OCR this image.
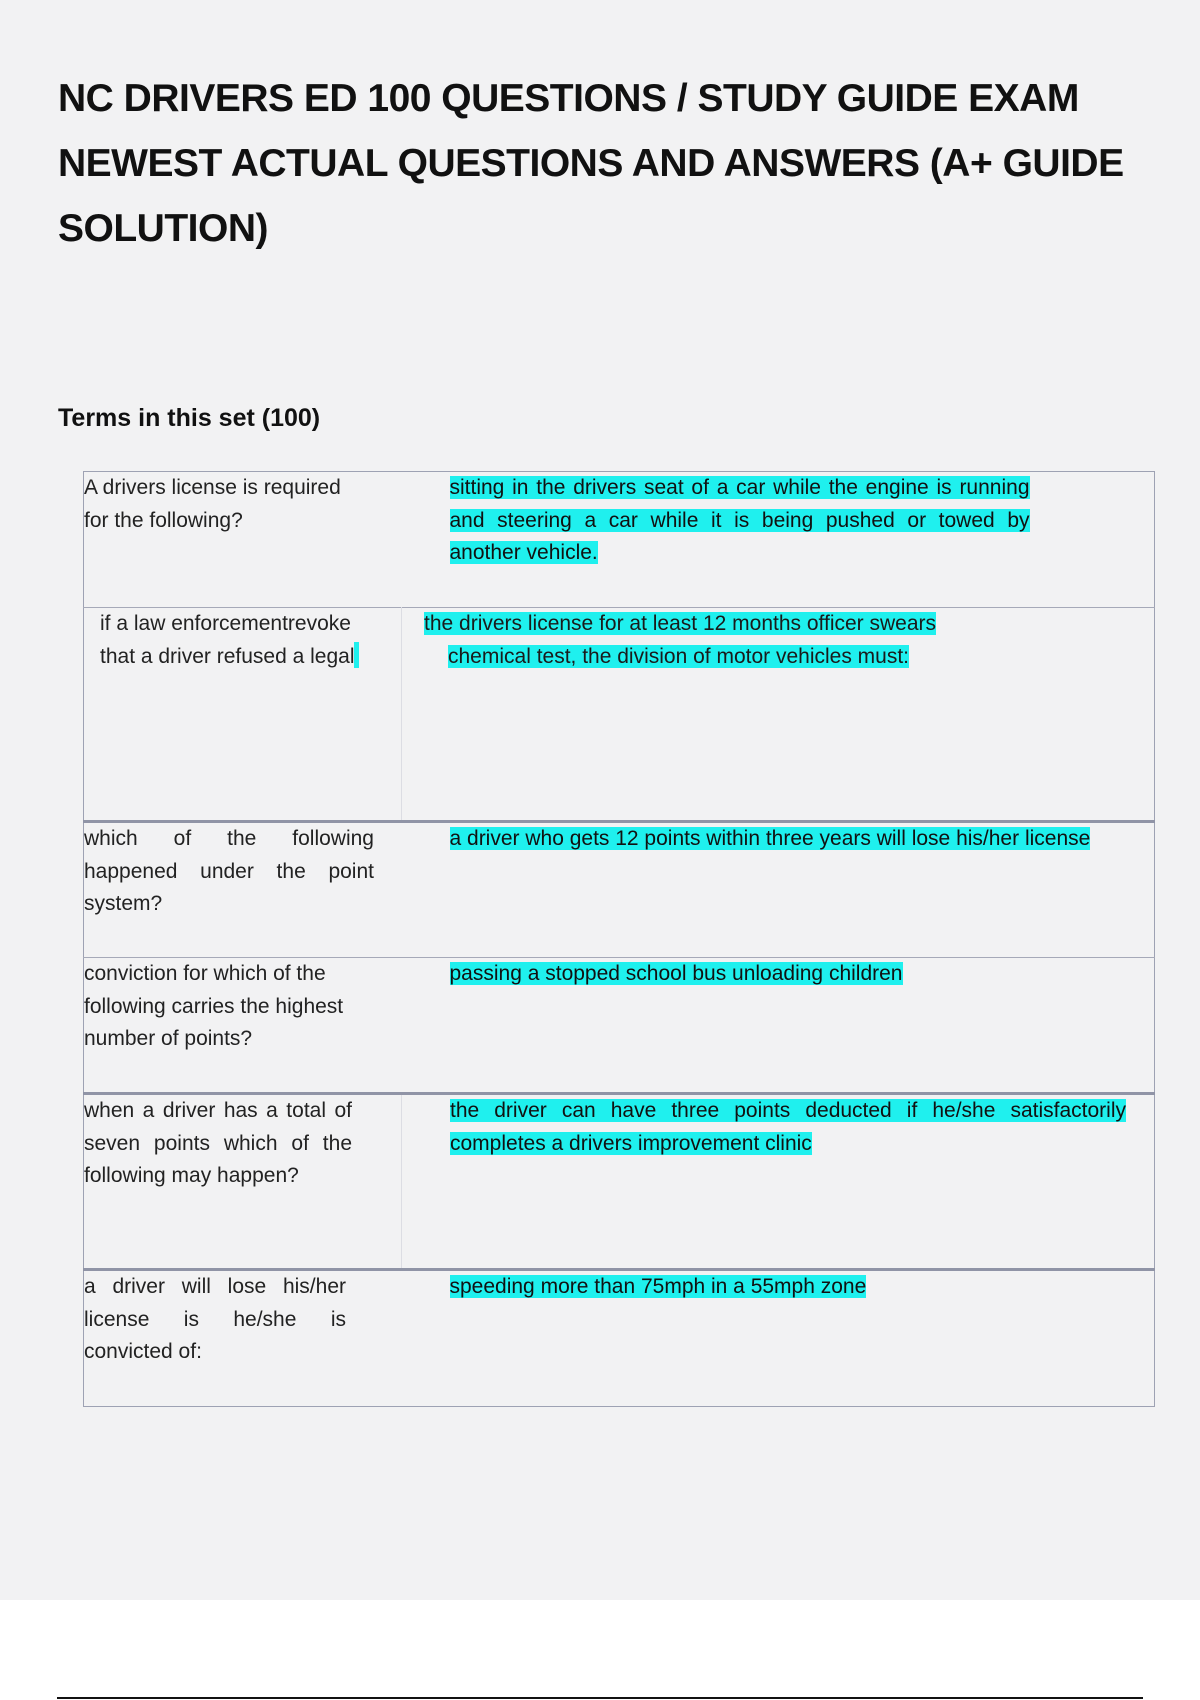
NC DRIVERS ED 100 QUESTIONS / STUDY GUIDE EXAM NEWEST ACTUAL QUESTIONS AND ANSWERS (A+ GUIDE SOLUTION)
Terms in this set (100)
A drivers license is required for the following?	sitting in the drivers seat of a car while the engine is running and steering a car while it is being pushed or towed by another vehicle.

if a law enforcementrevoke that a driver refused a legal	the drivers license for at least 12 months officer swears
chemical test, the division of motor vehicles must:

which of the following happened under the point system?	a driver who gets 12 points within three years will lose his/her license

conviction for which of the following carries the highest number of points?	passing a stopped school bus unloading children

when a driver has a total of seven points which of the following may happen?	the driver can have three points deducted if he/she satisfactorily completes a drivers improvement clinic

a driver will lose his/her license is he/she is convicted of:	speeding more than 75mph in a 55mph zone
